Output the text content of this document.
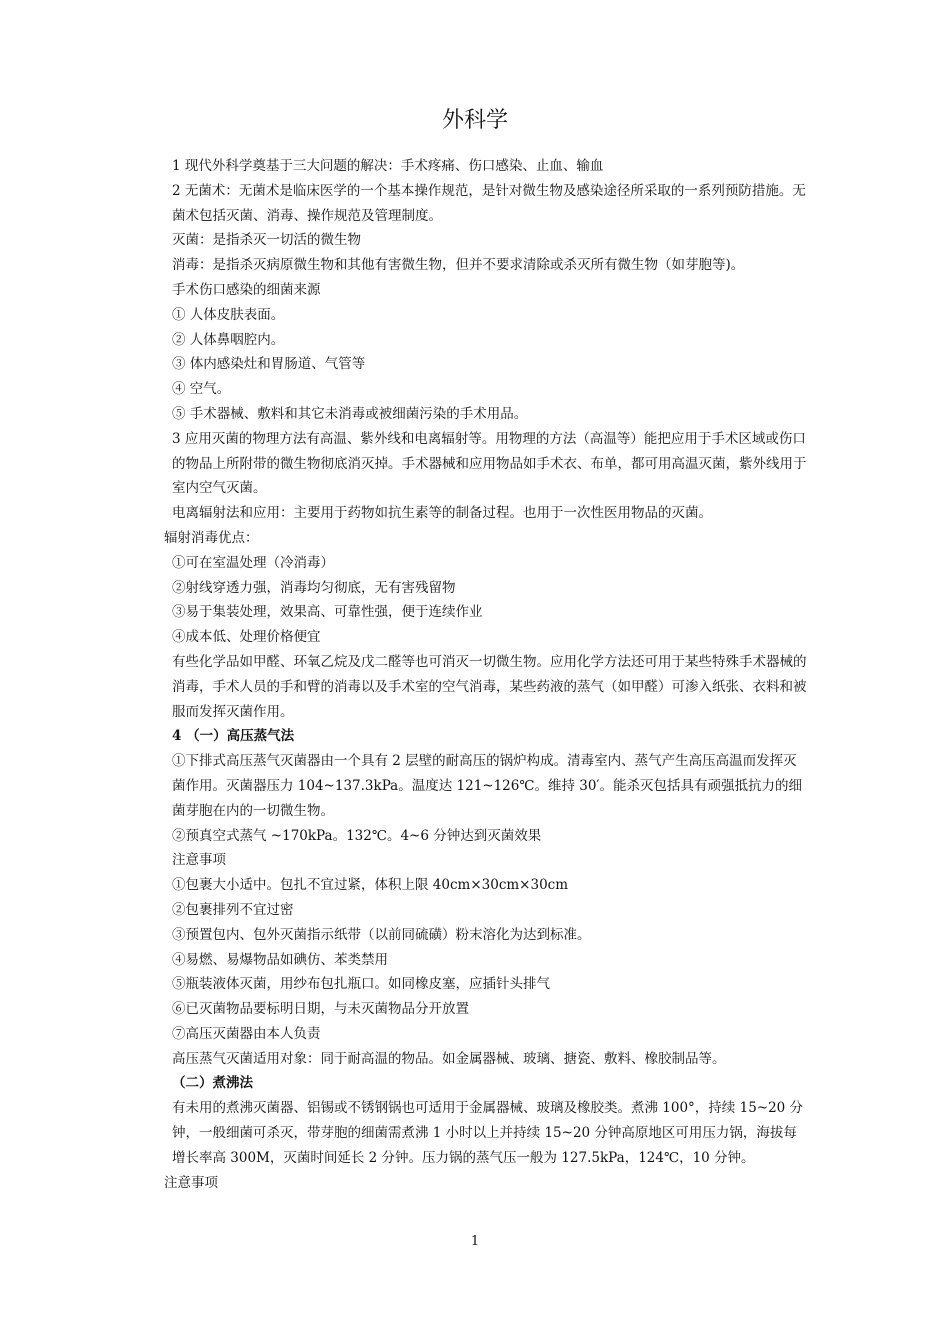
外科学
1 现代外科学奠基于三大问题的解决：手术疼痛、伤口感染、止血、输血
2 无菌术：无菌术是临床医学的一个基本操作规范，是针对微生物及感染途径所采取的一系列预防措施。无菌术包括灭菌、消毒、操作规范及管理制度。
灭菌：是指杀灭一切活的微生物
消毒：是指杀灭病原微生物和其他有害微生物，但并不要求清除或杀灭所有微生物（如芽胞等)。
手术伤口感染的细菌来源
① 人体皮肤表面。
② 人体鼻咽腔内。
③ 体内感染灶和胃肠道、气管等
④ 空气。
⑤ 手术器械、敷料和其它未消毒或被细菌污染的手术用品。
3 应用灭菌的物理方法有高温、紫外线和电离辐射等。用物理的方法（高温等）能把应用于手术区域或伤口的物品上所附带的微生物彻底消灭掉。手术器械和应用物品如手术衣、布单，都可用高温灭菌，紫外线用于室内空气灭菌。
电离辐射法和应用：主要用于药物如抗生素等的制备过程。也用于一次性医用物品的灭菌。
辐射消毒优点：
①可在室温处理（冷消毒）
②射线穿透力强，消毒均匀彻底，无有害残留物
③易于集装处理，效果高、可靠性强，便于连续作业
④成本低、处理价格便宜
有些化学品如甲醛、环氧乙烷及戊二醛等也可消灭一切微生物。应用化学方法还可用于某些特殊手术器械的消毒，手术人员的手和臂的消毒以及手术室的空气消毒，某些药液的蒸气（如甲醛）可渗入纸张、衣料和被服而发挥灭菌作用。
4 （一）高压蒸气法
①下排式高压蒸气灭菌器由一个具有 2 层壁的耐高压的锅炉构成。清毒室内、蒸气产生高压高温而发挥灭菌作用。灭菌器压力 104~137.3kPa。温度达 121~126℃。维持 30′。能杀灭包括具有顽强抵抗力的细菌芽胞在内的一切微生物。
②预真空式蒸气 ~170kPa。132℃。4~6 分钟达到灭菌效果
注意事项
①包裹大小适中。包扎不宜过紧，体积上限 40cm×30cm×30cm
②包裹排列不宜过密
③预置包内、包外灭菌指示纸带（以前同硫磺）粉末溶化为达到标准。
④易燃、易爆物品如碘仿、苯类禁用
⑤瓶装液体灭菌，用纱布包扎瓶口。如同橡皮塞，应插针头排气
⑥已灭菌物品要标明日期，与未灭菌物品分开放置
⑦高压灭菌器由本人负责
高压蒸气灭菌适用对象：同于耐高温的物品。如金属器械、玻璃、搪瓷、敷料、橡胶制品等。
（二）煮沸法
有未用的煮沸灭菌器、铝锡或不锈钢锅也可适用于金属器械、玻璃及橡胶类。煮沸 100°，持续 15~20 分钟，一般细菌可杀灭，带芽胞的细菌需煮沸 1 小时以上并持续 15~20 分钟高原地区可用压力锅，海拔每增长率高 300M，灭菌时间延长 2 分钟。压力锅的蒸气压一般为 127.5kPa，124℃，10 分钟。
注意事项
1
